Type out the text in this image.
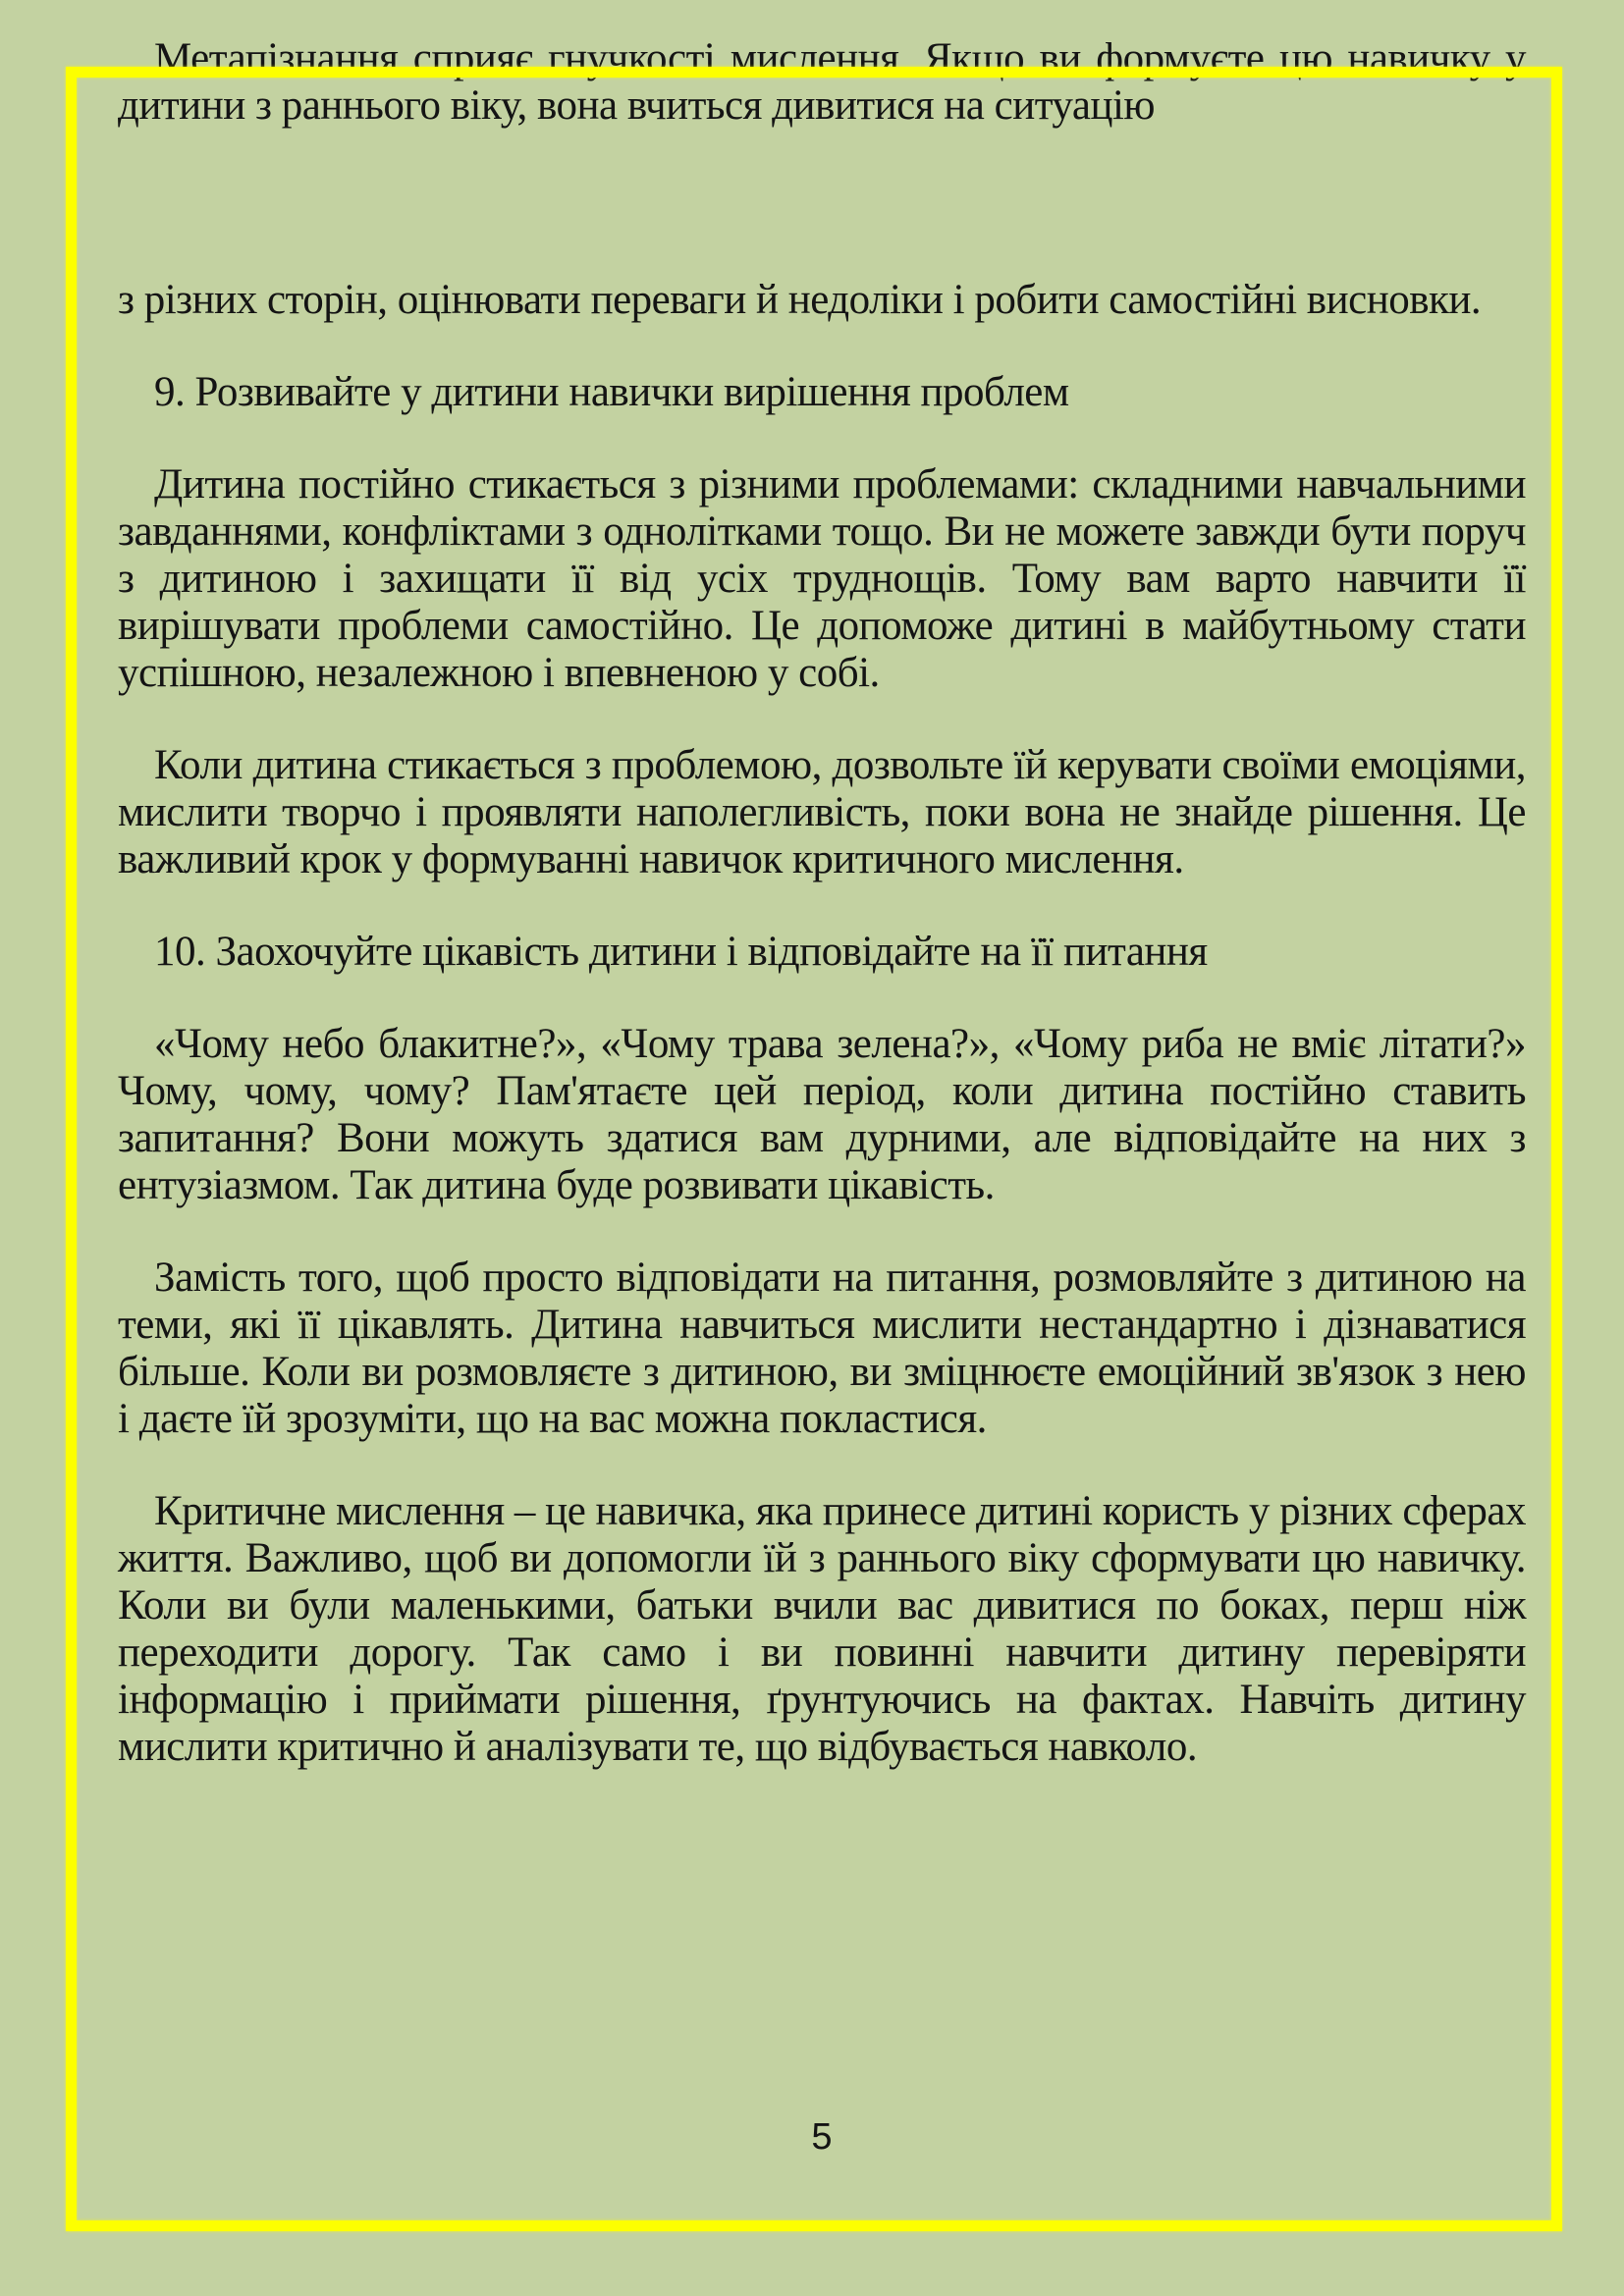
Метапізнання сприяє гнучкості мислення. Якщо ви формуєте цю навичку у дитини з раннього віку, вона вчиться дивитися на ситуацію

з різних сторін, оцінювати переваги й недоліки і робити самостійні висновки.

9. Розвивайте у дитини навички вирішення проблем

Дитина постійно стикається з різними проблемами: складними навчальними завданнями, конфліктами з однолітками тощо. Ви не можете завжди бути поруч з дитиною і захищати її від усіх труднощів. Тому вам варто навчити її вирішувати проблеми самостійно. Це допоможе дитині в майбутньому стати успішною, незалежною і впевненою у собі.

Коли дитина стикається з проблемою, дозвольте їй керувати своїми емоціями, мислити творчо і проявляти наполегливість, поки вона не знайде рішення. Це важливий крок у формуванні навичок критичного мислення.

10. Заохочуйте цікавість дитини і відповідайте на її питання

«Чому небо блакитне?», «Чому трава зелена?», «Чому риба не вміє літати?» Чому, чому, чому? Пам'ятаєте цей період, коли дитина постійно ставить запитання? Вони можуть здатися вам дурними, але відповідайте на них з ентузіазмом. Так дитина буде розвивати цікавість.

Замість того, щоб просто відповідати на питання, розмовляйте з дитиною на теми, які її цікавлять. Дитина навчиться мислити нестандартно і дізнаватися більше. Коли ви розмовляєте з дитиною, ви зміцнюєте емоційний зв'язок з нею і даєте їй зрозуміти, що на вас можна покластися.

Критичне мислення – це навичка, яка принесе дитині користь у різних сферах життя. Важливо, щоб ви допомогли їй з раннього віку сформувати цю навичку. Коли ви були маленькими, батьки вчили вас дивитися по боках, перш ніж переходити дорогу. Так само і ви повинні навчити дитину перевіряти інформацію і приймати рішення, ґрунтуючись на фактах. Навчіть дитину мислити критично й аналізувати те, що відбувається навколо.

5
